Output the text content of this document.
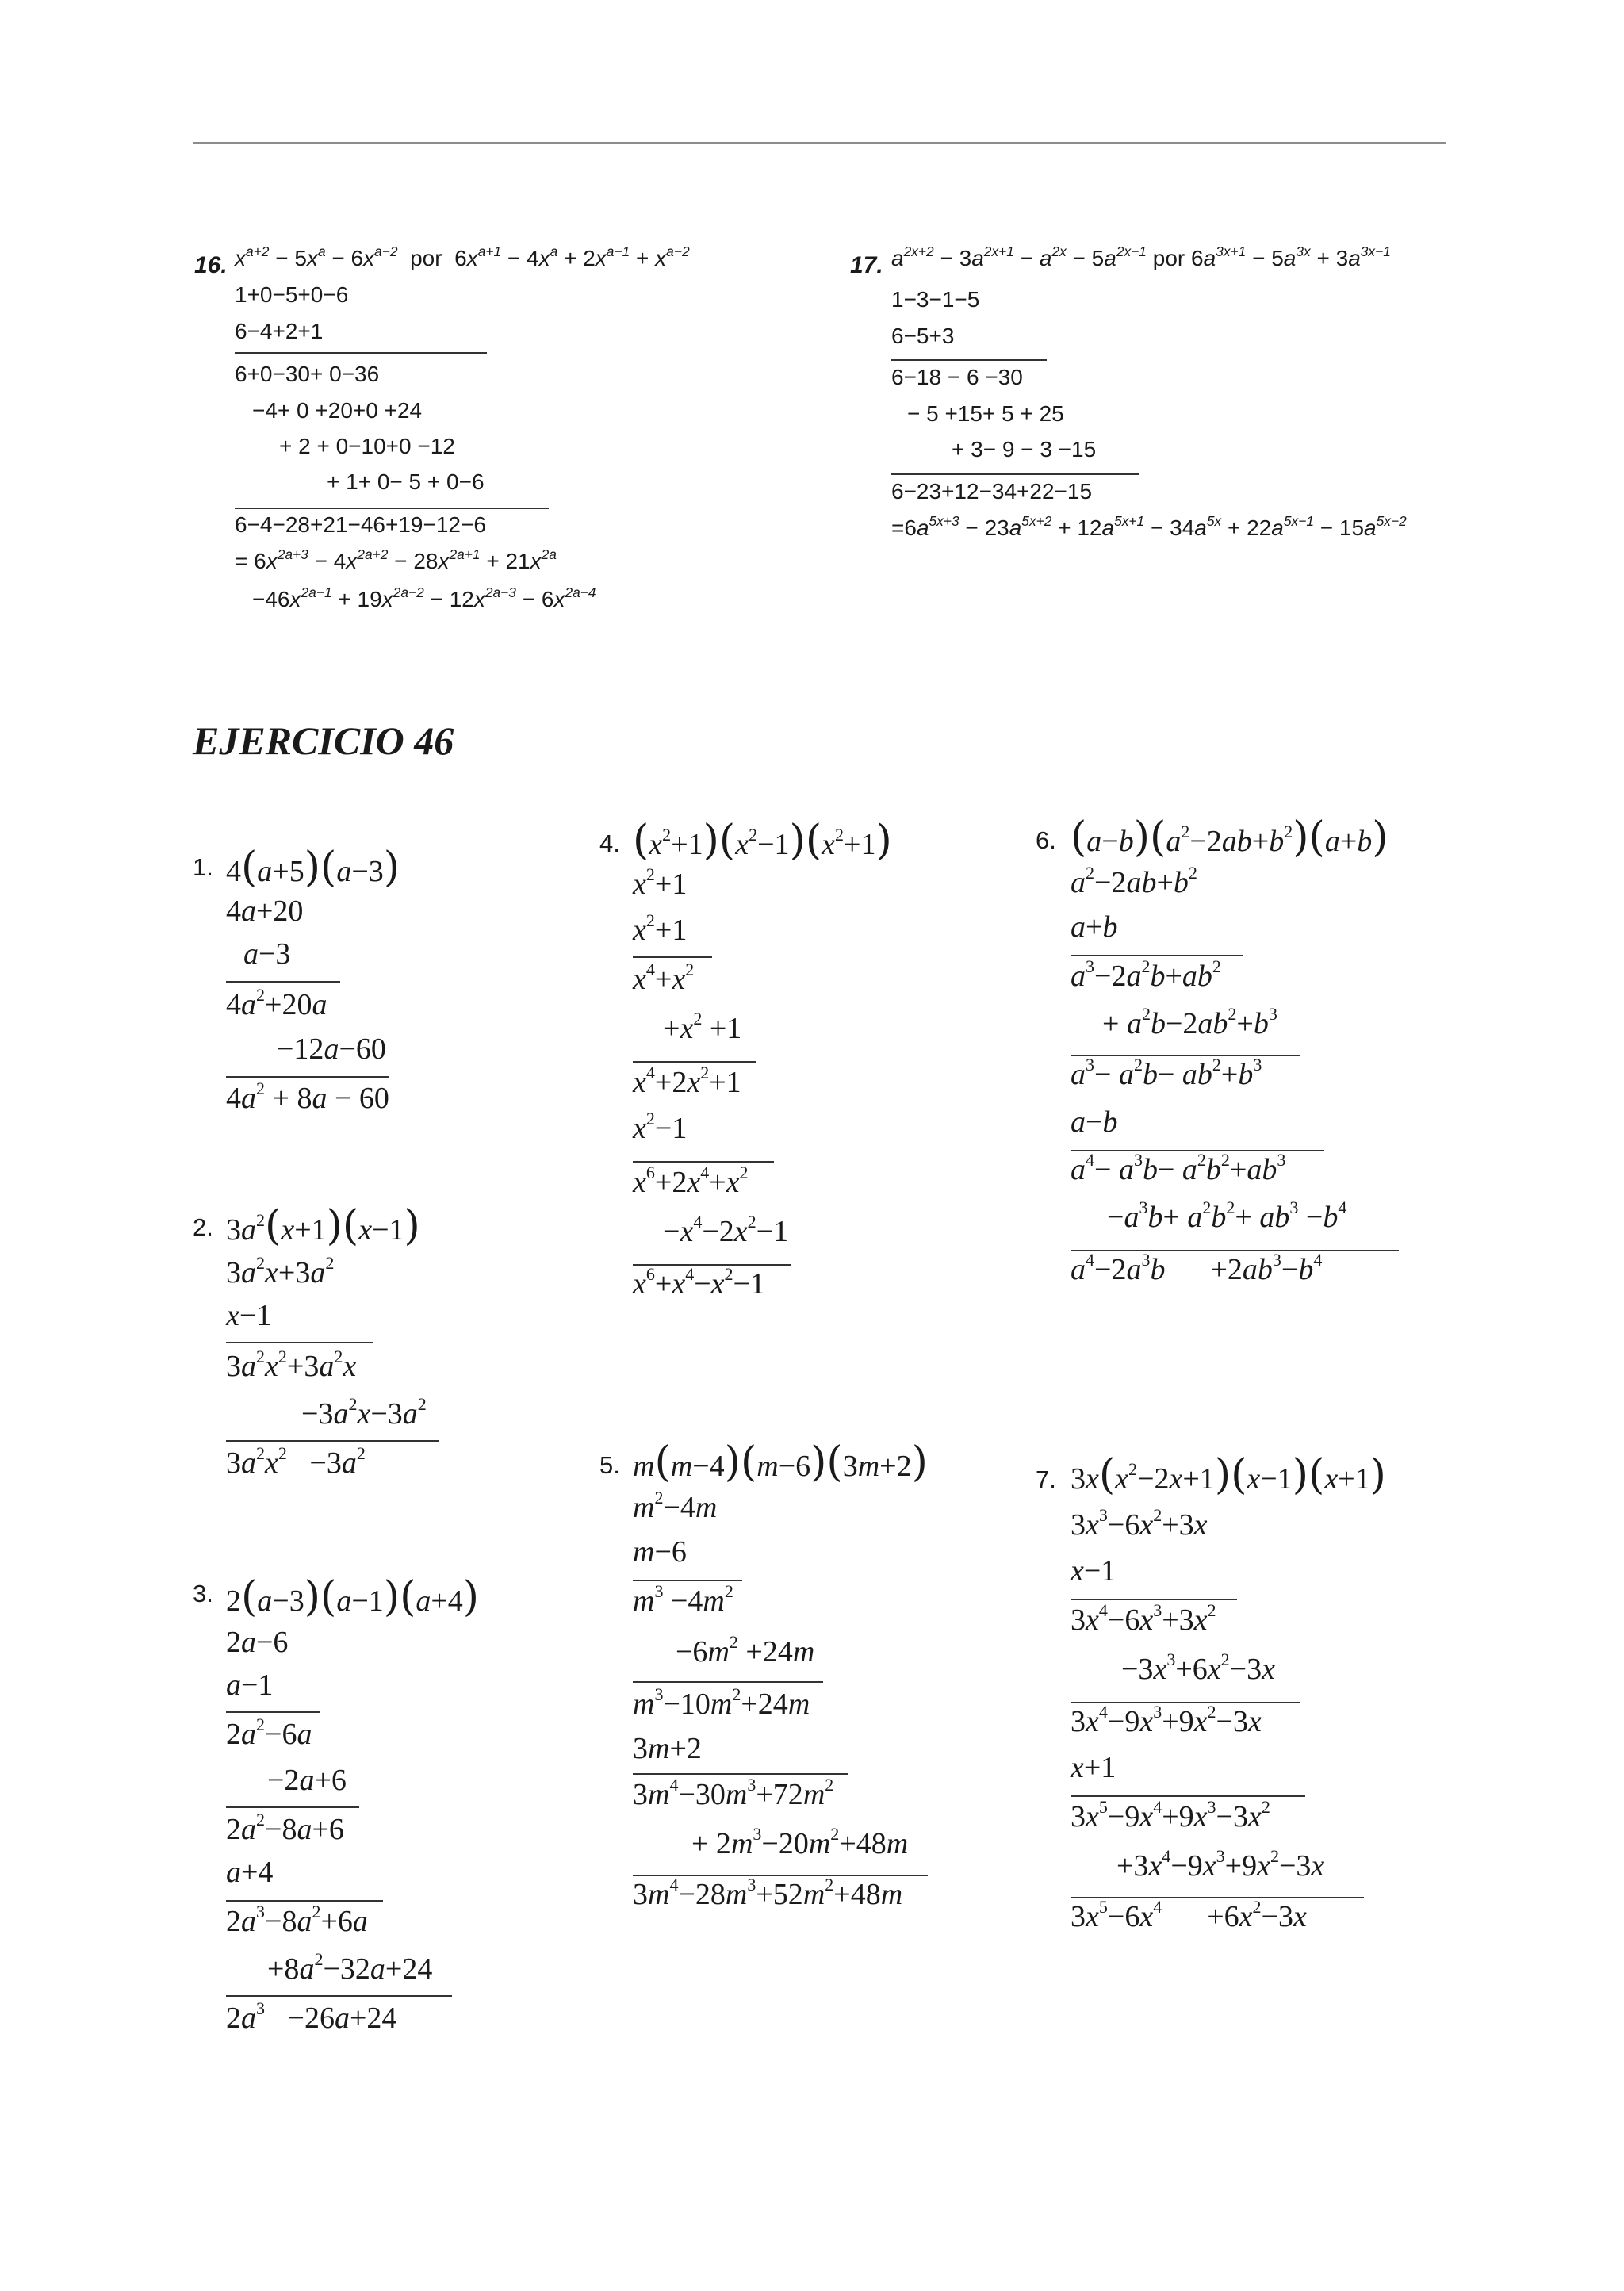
16. $x^{a+2} - 5x^a - 6x^{a-2}$  por  $6x^{a+1} - 4x^a + 2x^{a-1} + x^{a-2}$
1+0−5+0−6
6−4+2+1
6+0−30+ 0−36
−4+ 0 +20+0 +24
+ 2 + 0−10+0 −12
+ 1+ 0− 5 + 0−6
6−4−28+21−46+19−12−6
= $6x^{2a+3} - 4x^{2a+2} - 28x^{2a+1} + 21x^{2a}$
$-46x^{2a-1} + 19x^{2a-2} - 12x^{2a-3} - 6x^{2a-4}$
17. $a^{2x+2} - 3a^{2x+1} - a^{2x} - 5a^{2x-1}$ por $6a^{3x+1} - 5a^{3x} + 3a^{3x-1}$
1−3−1−5
6−5+3
6−18 − 6 −30
− 5 +15+ 5 + 25
+ 3− 9 − 3 −15
6−23+12−34+22−15
$=6a^{5x+3} - 23a^{5x+2} + 12a^{5x+1} - 34a^{5x} + 22a^{5x-1} - 15a^{5x-2}$
EJERCICIO 46
1. 4(a+5)(a−3)
4a+20
a−3
$4a^2+20a$
−12a−60
$4a^2 + 8a - 60$
2. $3a^2(x+1)(x-1)$
$3a^2x+3a^2$
x−1
$3a^2x^2+3a^2x$
$-3a^2x-3a^2$
$3a^2x^2 -3a^2$
3. 2(a−3)(a−1)(a+4)
2a−6
a−1
$2a^2-6a$
−2a+6
$2a^2-8a+6$
a+4
$2a^3-8a^2+6a$
$+8a^2-32a+24$
$2a^3 -26a+24$
4. $(x^2+1)(x^2-1)(x^2+1)$
$x^2+1$
$x^2+1$
$x^4+x^2$
$+x^2 +1$
$x^4+2x^2+1$
$x^2-1$
$x^6+2x^4+x^2$
$-x^4-2x^2-1$
$x^6+x^4-x^2-1$
5. m(m−4)(m−6)(3m+2)
$m^2-4m$
m−6
$m^3 -4m^2$
$-6m^2 +24m$
$m^3-10m^2+24m$
3m+2
$3m^4-30m^3+72m^2$
+ $2m^3-20m^2+48m$
$3m^4-28m^3+52m^2+48m$
6. $(a-b)(a^2-2ab+b^2)(a+b)$
$a^2-2ab+b^2$
a+b
$a^3-2a^2b+ab^2$
+ $a^2b-2ab^2+b^3$
$a^3- a^2b- ab^2+b^3$
a−b
$a^4- a^3b- a^2b^2+ab^3$
$-a^3b+ a^2b^2+ ab^3 -b^4$
$a^4-2a^3b$      $+2ab^3-b^4$
7. $3x(x^2-2x+1)(x-1)(x+1)$
$3x^3-6x^2+3x$
x−1
$3x^4-6x^3+3x^2$
$-3x^3+6x^2-3x$
$3x^4-9x^3+9x^2-3x$
x+1
$3x^5-9x^4+9x^3-3x^2$
$+3x^4-9x^3+9x^2-3x$
$3x^5-6x^4$      $+6x^2-3x$
